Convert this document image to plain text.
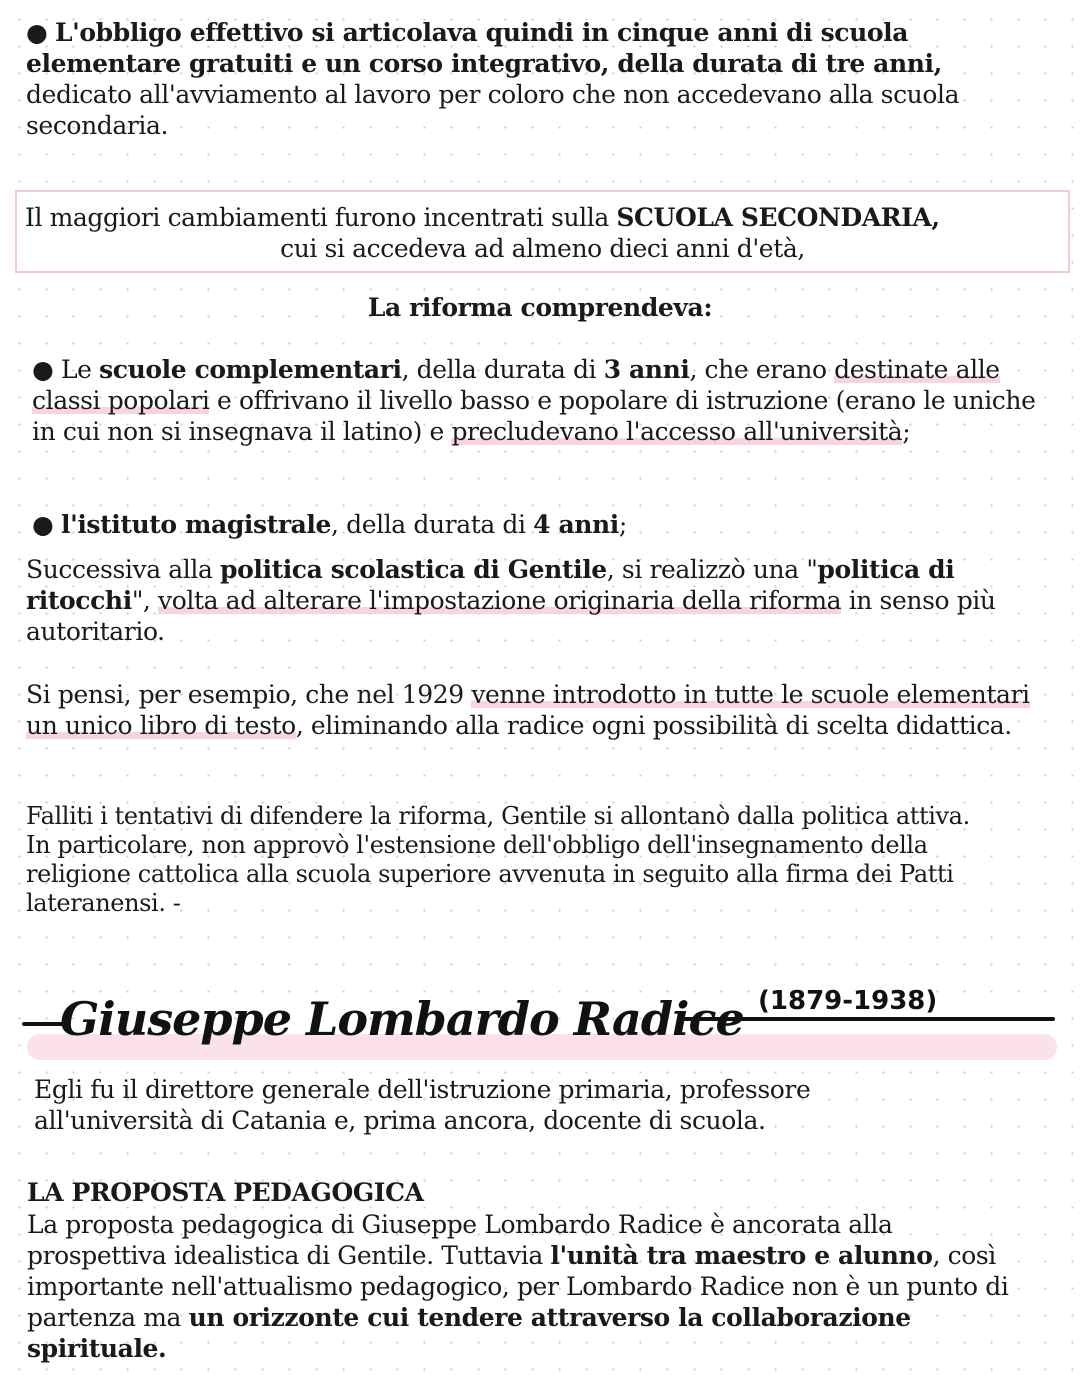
● L'obbligo effettivo si articolava quindi in cinque anni di scuola elementare gratuiti e un corso integrativo, della durata di tre anni, dedicato all'avviamento al lavoro per coloro che non accedevano alla scuola secondaria.
Il maggiori cambiamenti furono incentrati sulla SCUOLA SECONDARIA,
cui si accedeva ad almeno dieci anni d'età,
La riforma comprendeva:
● Le scuole complementari, della durata di 3 anni, che erano destinate alle classi popolari e offrivano il livello basso e popolare di istruzione (erano le uniche in cui non si insegnava il latino) e precludevano l'accesso all'università;
● l'istituto magistrale, della durata di 4 anni;
Successiva alla politica scolastica di Gentile, si realizzò una "politica di ritocchi", volta ad alterare l'impostazione originaria della riforma in senso più autoritario.
Si pensi, per esempio, che nel 1929 venne introdotto in tutte le scuole elementari un unico libro di testo, eliminando alla radice ogni possibilità di scelta didattica.
Falliti i tentativi di difendere la riforma, Gentile si allontanò dalla politica attiva.
In particolare, non approvò l'estensione dell'obbligo dell'insegnamento della religione cattolica alla scuola superiore avvenuta in seguito alla firma dei Patti lateranensi. -
Giuseppe Lombardo Radice (1879-1938)
Egli fu il direttore generale dell'istruzione primaria, professore all'università di Catania e, prima ancora, docente di scuola.
LA PROPOSTA PEDAGOGICA
La proposta pedagogica di Giuseppe Lombardo Radice è ancorata alla prospettiva idealistica di Gentile. Tuttavia l'unità tra maestro e alunno, così importante nell'attualismo pedagogico, per Lombardo Radice non è un punto di partenza ma un orizzonte cui tendere attraverso la collaborazione spirituale.
